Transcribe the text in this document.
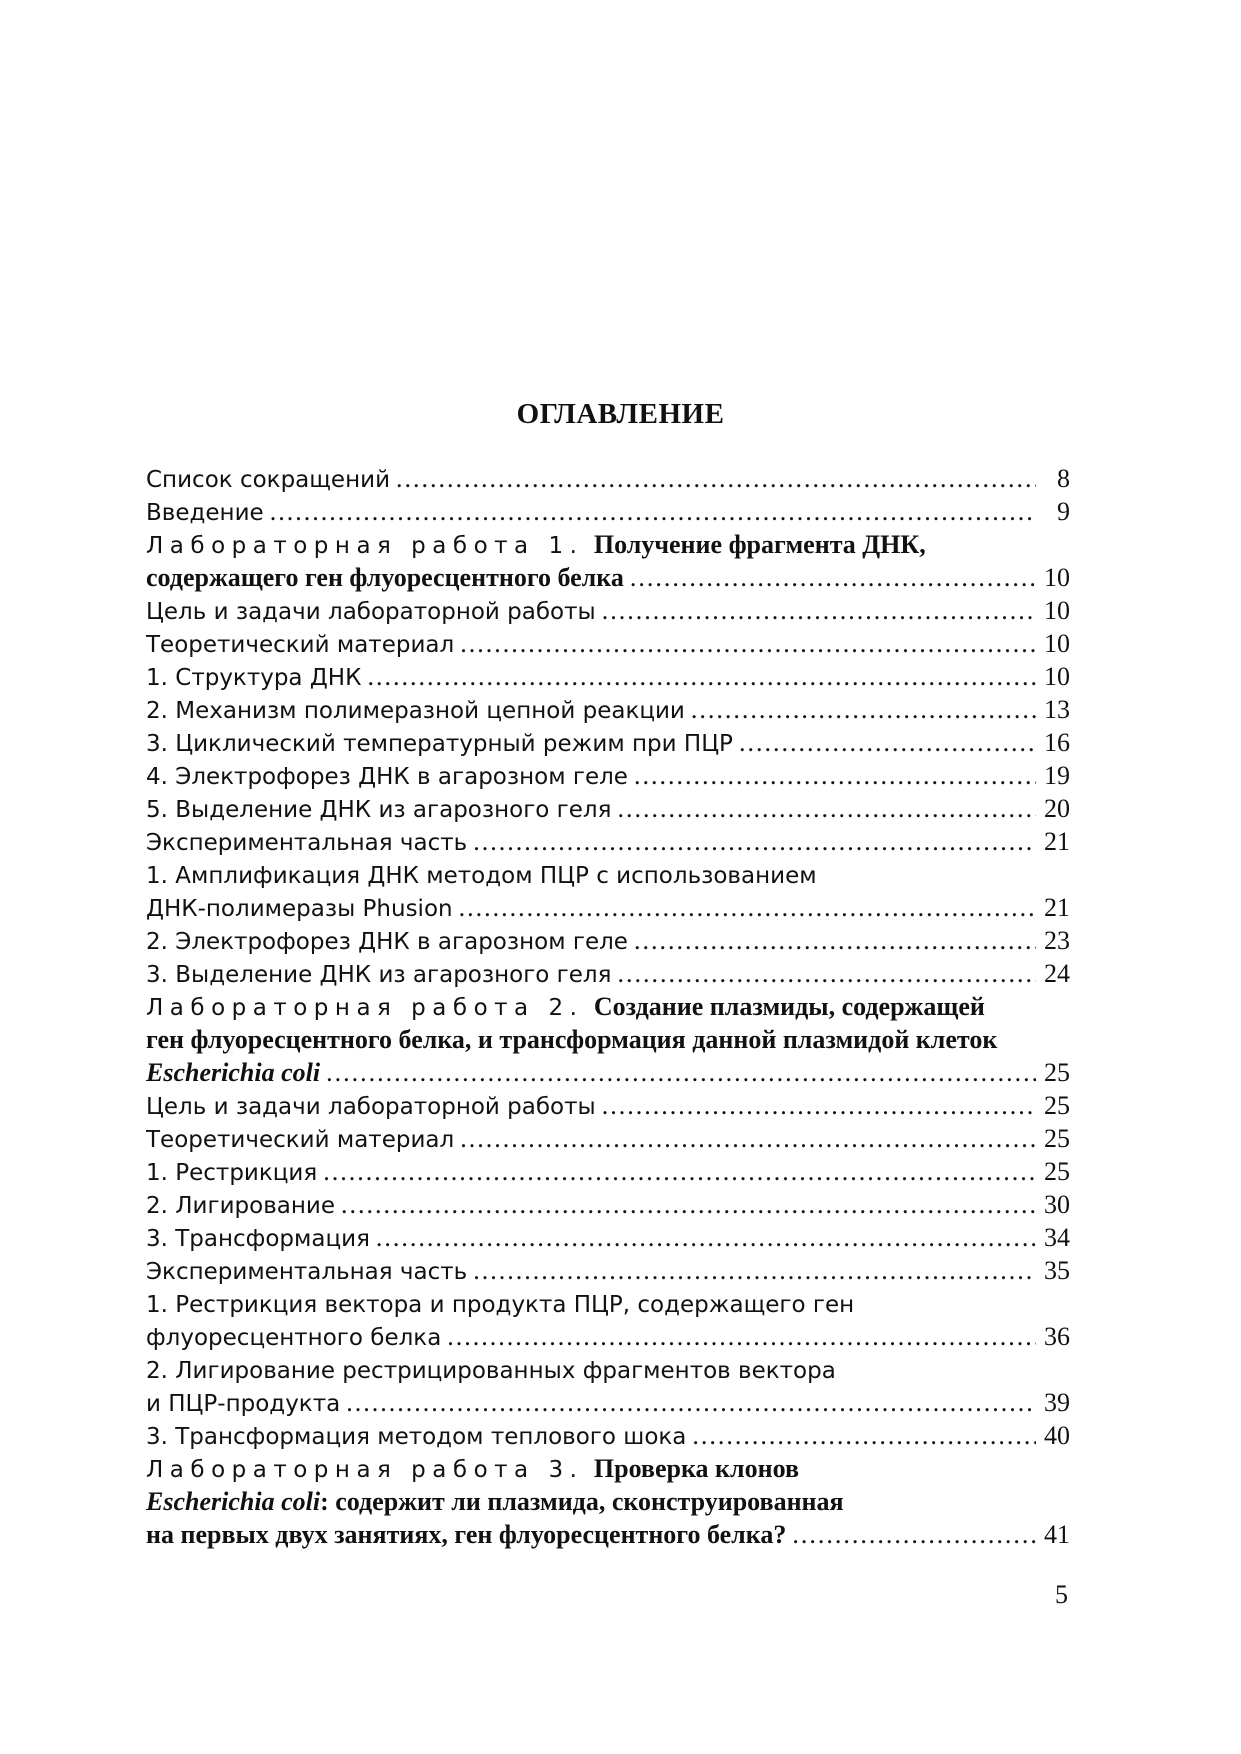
ОГЛАВЛЕНИЕ
Список сокращений .....	8
Введение .....	9
Лабораторная работа 1. Получение фрагмента ДНК,
содержащего ген флуоресцентного белка .....	10
Цель и задачи лабораторной работы .....	10
Теоретический материал .....	10
1. Структура ДНК .....	10
2. Механизм полимеразной цепной реакции .....	13
3. Циклический температурный режим при ПЦР .....	16
4. Электрофорез ДНК в агарозном геле .....	19
5. Выделение ДНК из агарозного геля .....	20
Экспериментальная часть .....	21
1. Амплификация ДНК методом ПЦР с использованием
ДНК-полимеразы Phusion .....	21
2. Электрофорез ДНК в агарозном геле .....	23
3. Выделение ДНК из агарозного геля .....	24
Лабораторная работа 2. Создание плазмиды, содержащей
ген флуоресцентного белка, и трансформация данной плазмидой клеток
Escherichia coli .....	25
Цель и задачи лабораторной работы .....	25
Теоретический материал .....	25
1. Рестрикция .....	25
2. Лигирование .....	30
3. Трансформация .....	34
Экспериментальная часть .....	35
1. Рестрикция вектора и продукта ПЦР, содержащего ген
флуоресцентного белка .....	36
2. Лигирование рестрицированных фрагментов вектора
и ПЦР-продукта .....	39
3. Трансформация методом теплового шока .....	40
Лабораторная работа 3. Проверка клонов
Escherichia coli: содержит ли плазмида, сконструированная
на первых двух занятиях, ген флуоресцентного белка? .....	41
5
